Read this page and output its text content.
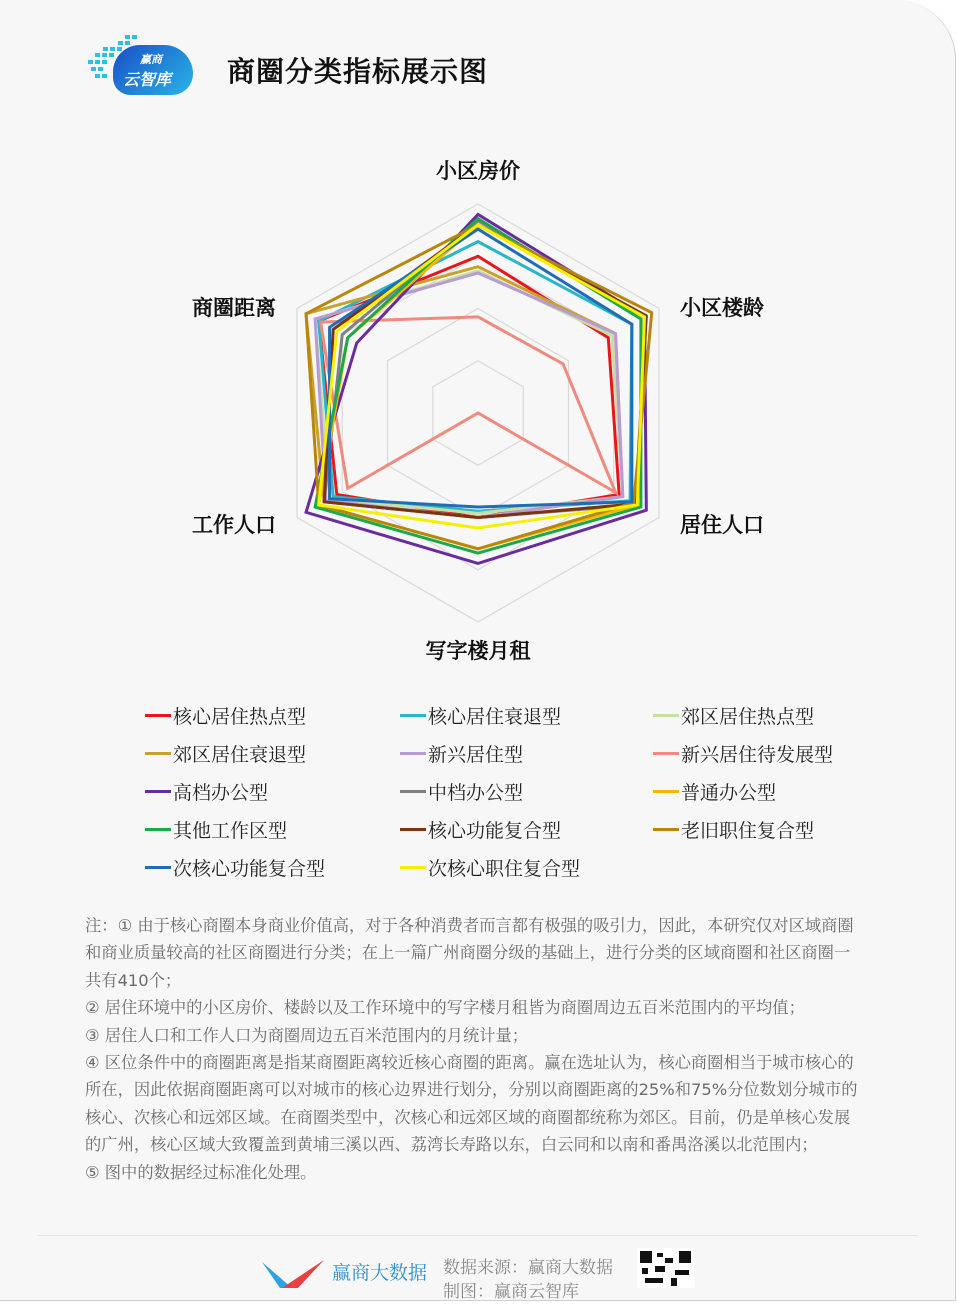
赢商
云智库 商圈分类指标展示图
小区房价
小区楼龄
居住人口
写字楼月租
工作人口
商圈距离
核心居住热点型	核心居住衰退型	郊区居住热点型
郊区居住衰退型	新兴居住型	新兴居住待发展型
高档办公型	中档办公型	普通办公型
其他工作区型	核心功能复合型	老旧职住复合型
次核心功能复合型	次核心职住复合型

注：① 由于核心商圈本身商业价值高，对于各种消费者而言都有极强的吸引力，因此，本研究仅对区域商圈和商业质量较高的社区商圈进行分类；在上一篇广州商圈分级的基础上，进行分类的区域商圈和社区商圈一共有410个；

② 居住环境中的小区房价、楼龄以及工作环境中的写字楼月租皆为商圈周边五百米范围内的平均值；

③ 居住人口和工作人口为商圈周边五百米范围内的月统计量；

④ 区位条件中的商圈距离是指某商圈距离较近核心商圈的距离。赢在选址认为，核心商圈相当于城市核心的所在，因此依据商圈距离可以对城市的核心边界进行划分，分别以商圈距离的25%和75%分位数划分城市的核心、次核心和远郊区域。在商圈类型中，次核心和远郊区域的商圈都统称为郊区。目前，仍是单核心发展的广州，核心区域大致覆盖到黄埔三溪以西、荔湾长寿路以东，白云同和以南和番禺洛溪以北范围内；

⑤ 图中的数据经过标准化处理。

赢商大数据 数据来源：赢商大数据
制图：赢商云智库
